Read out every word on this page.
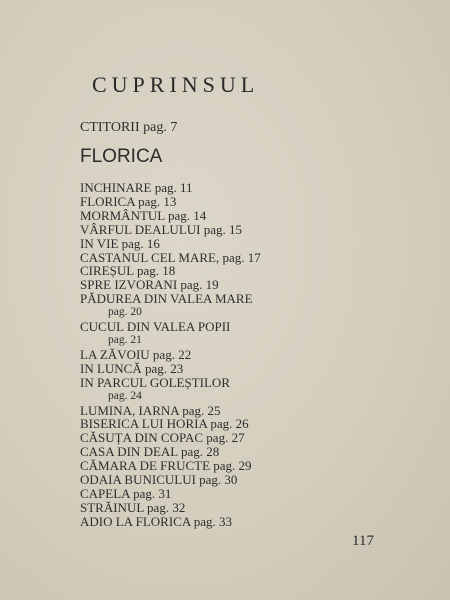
CUPRINSUL
CTITORII pag. 7
FLORICA
INCHINARE pag. 11
FLORICA pag. 13
MORMÂNTUL pag. 14
VÂRFUL DEALULUI pag. 15
IN VIE pag. 16
CASTANUL CEL MARE, pag. 17
CIREȘUL pag. 18
SPRE IZVORANI pag. 19
PĂDUREA DIN VALEA MARE
pag. 20
CUCUL DIN VALEA POPII
pag. 21
LA ZĂVOIU pag. 22
IN LUNCĂ pag. 23
IN PARCUL GOLEȘTILOR
pag. 24
LUMINA, IARNA pag. 25
BISERICA LUI HORIA pag. 26
CĂSUȚA DIN COPAC pag. 27
CASA DIN DEAL pag. 28
CĂMARA DE FRUCTE pag. 29
ODAIA BUNICULUI pag. 30
CAPELA pag. 31
STRĂINUL pag. 32
ADIO LA FLORICA pag. 33
117
